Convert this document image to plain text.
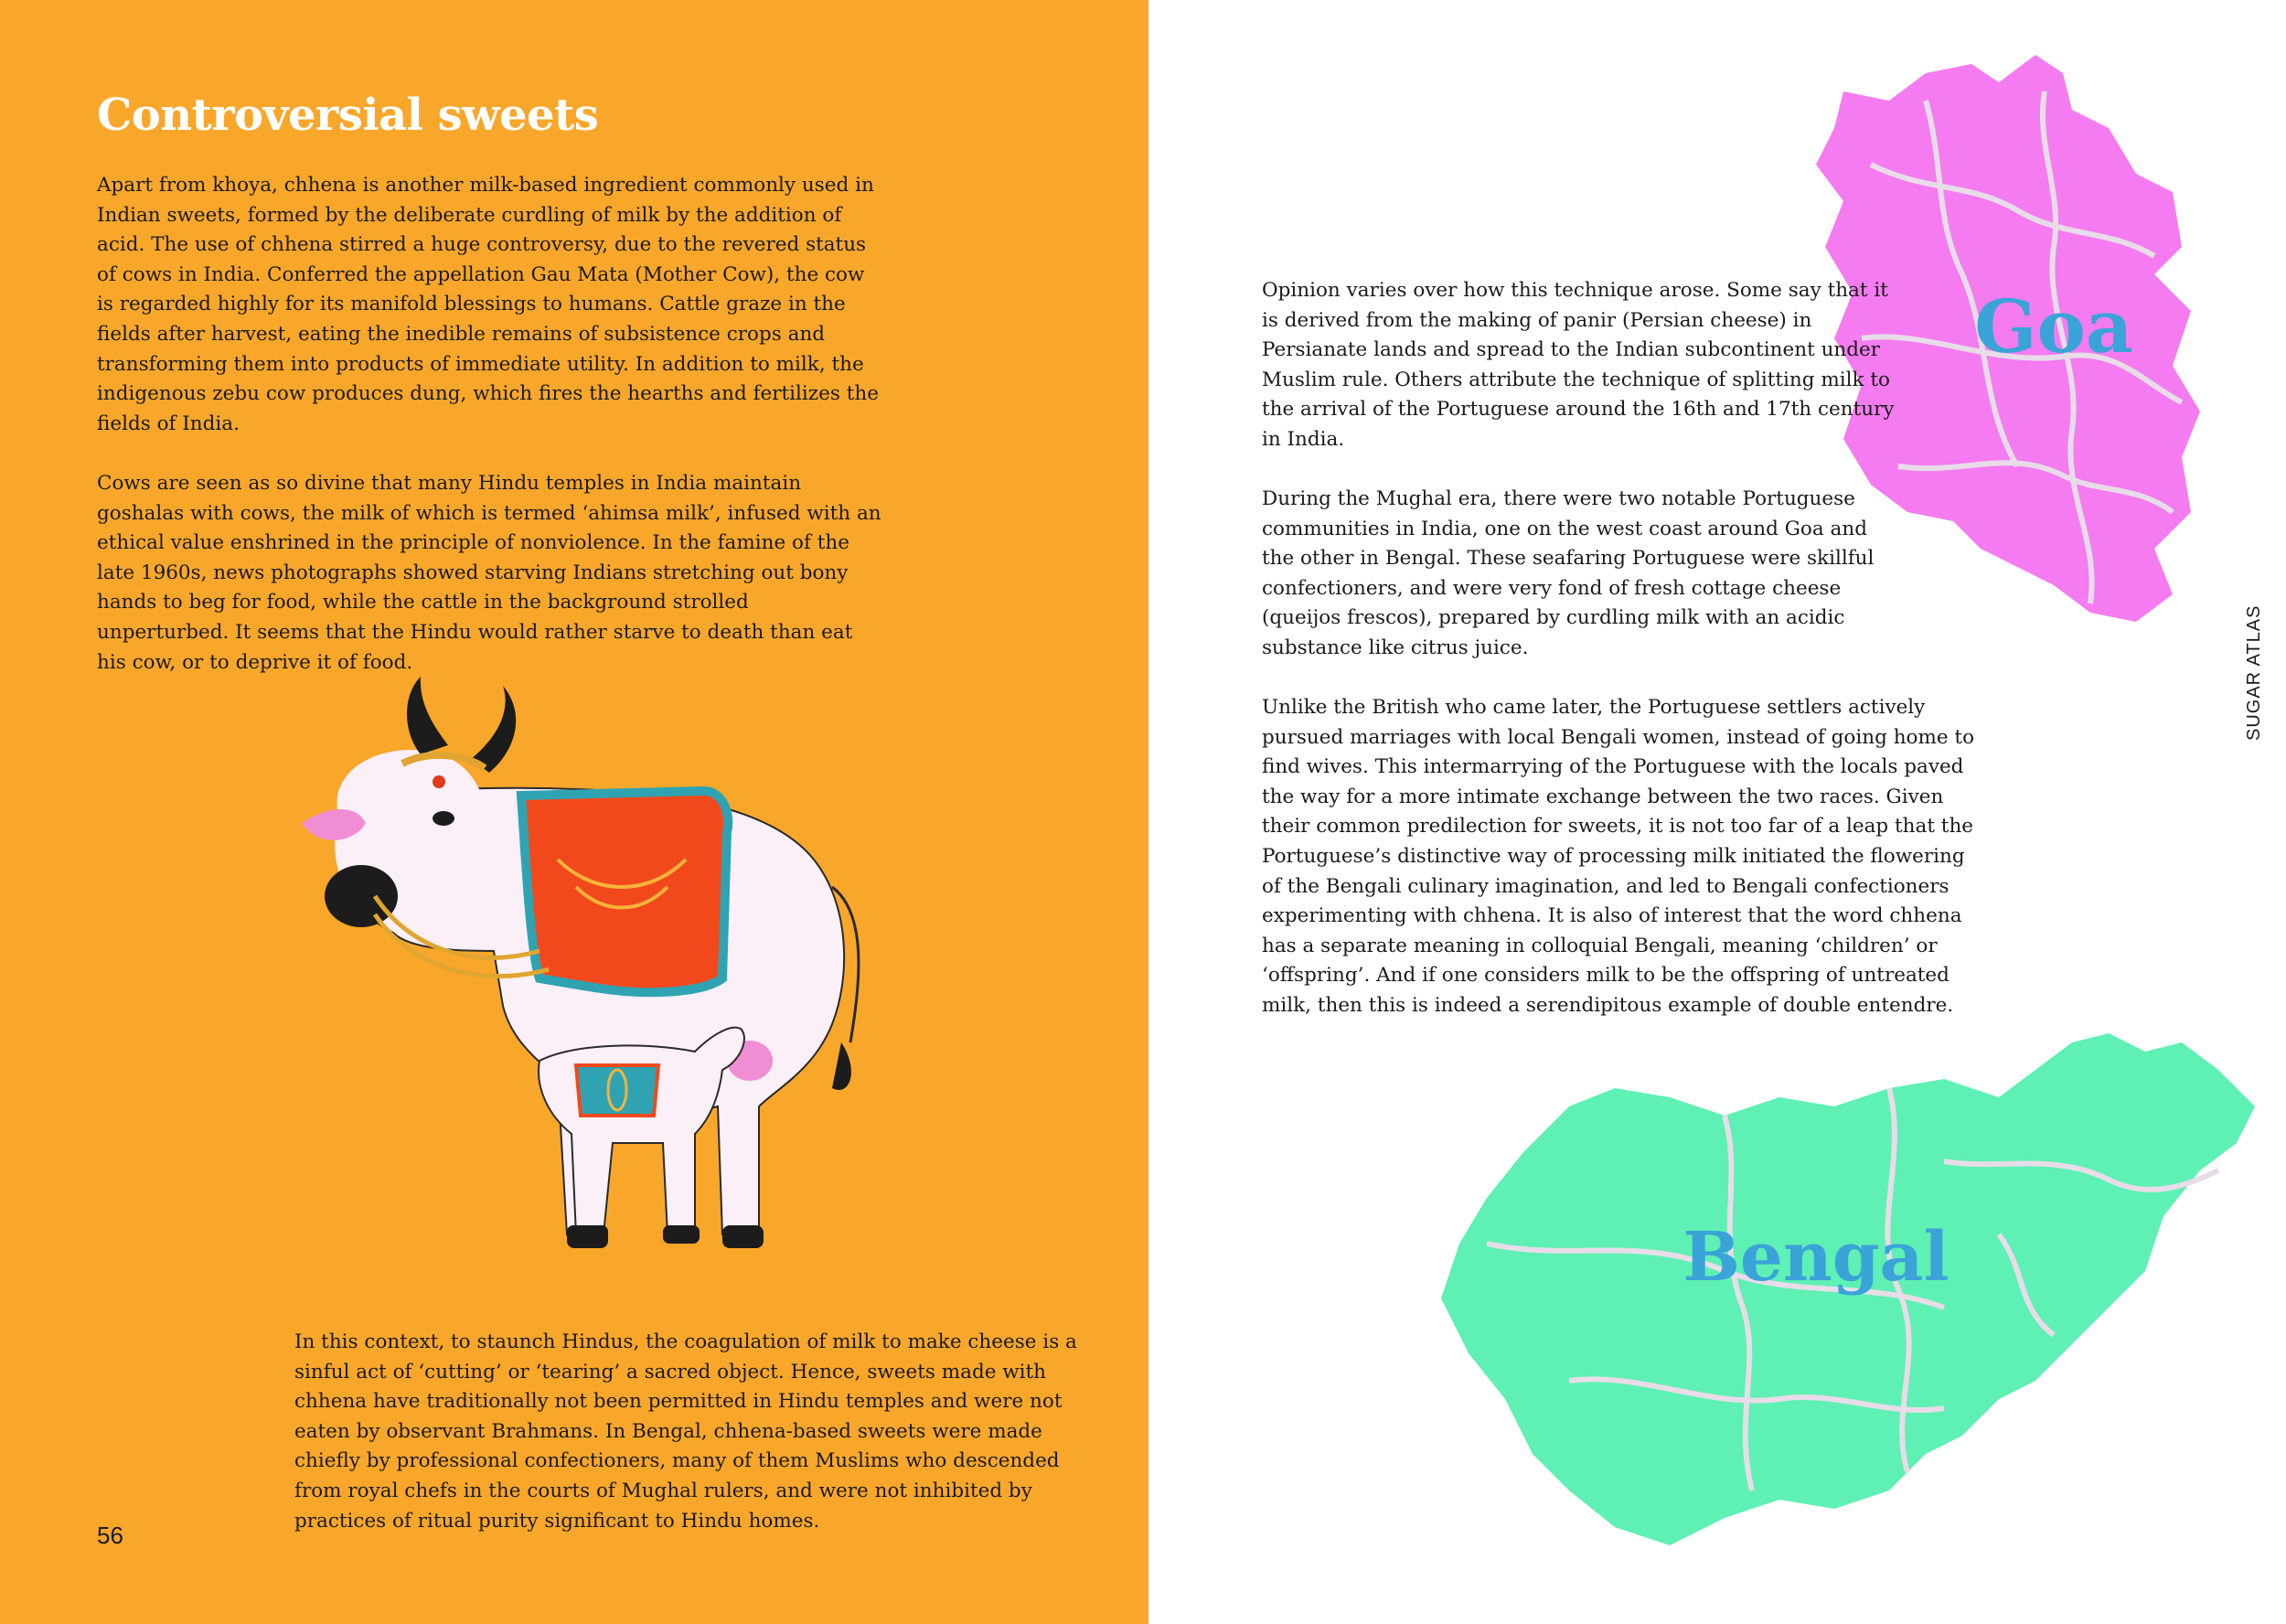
Controversial sweets

Apart from khoya, chhena is another milk-based ingredient commonly used in Indian sweets, formed by the deliberate curdling of milk by the addition of acid. The use of chhena stirred a huge controversy, due to the revered status of cows in India. Conferred the appellation Gau Mata (Mother Cow), the cow is regarded highly for its manifold blessings to humans. Cattle graze in the fields after harvest, eating the inedible remains of subsistence crops and transforming them into products of immediate utility. In addition to milk, the indigenous zebu cow produces dung, which fires the hearths and fertilizes the fields of India.

Cows are seen as so divine that many Hindu temples in India maintain goshalas with cows, the milk of which is termed ‘ahimsa milk’, infused with an ethical value enshrined in the principle of nonviolence. In the famine of the late 1960s, news photographs showed starving Indians stretching out bony hands to beg for food, while the cattle in the background strolled unperturbed. It seems that the Hindu would rather starve to death than eat his cow, or to deprive it of food.

In this context, to staunch Hindus, the coagulation of milk to make cheese is a sinful act of ‘cutting’ or ‘tearing’ a sacred object. Hence, sweets made with chhena have traditionally not been permitted in Hindu temples and were not eaten by observant Brahmans. In Bengal, chhena-based sweets were made chiefly by professional confectioners, many of them Muslims who descended from royal chefs in the courts of Mughal rulers, and were not inhibited by practices of ritual purity significant to Hindu homes.

56
Goa
Bengal

Opinion varies over how this technique arose. Some say that it is derived from the making of panir (Persian cheese) in Persianate lands and spread to the Indian subcontinent under Muslim rule. Others attribute the technique of splitting milk to the arrival of the Portuguese around the 16th and 17th century in India.

During the Mughal era, there were two notable Portuguese communities in India, one on the west coast around Goa and the other in Bengal. These seafaring Portuguese were skillful confectioners, and were very fond of fresh cottage cheese (queijos frescos), prepared by curdling milk with an acidic substance like citrus juice.

Unlike the British who came later, the Portuguese settlers actively pursued marriages with local Bengali women, instead of going home to find wives. This intermarrying of the Portuguese with the locals paved the way for a more intimate exchange between the two races. Given their common predilection for sweets, it is not too far of a leap that the Portuguese’s distinctive way of processing milk initiated the flowering of the Bengali culinary imagination, and led to Bengali confectioners experimenting with chhena. It is also of interest that the word chhena has a separate meaning in colloquial Bengali, meaning ‘children’ or ‘offspring’. And if one considers milk to be the offspring of untreated milk, then this is indeed a serendipitous example of double entendre.

SUGAR ATLAS
